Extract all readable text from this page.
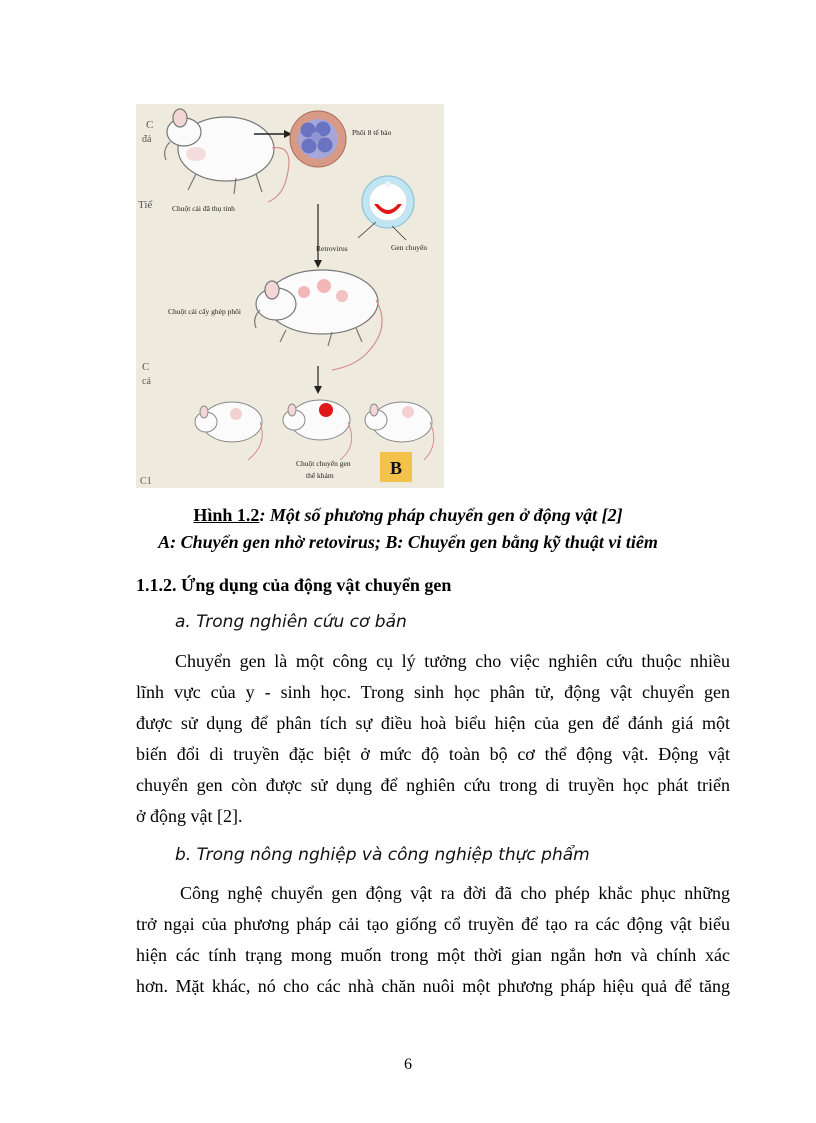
C
đả
Tiế
C
cá
C1
Chuột cái đã thụ tinh
Phôi 8 tế bào
Retrovirus	Gen chuyển
Chuột cái cấy ghép phôi
Chuột chuyển gen
thể khảm	B
Hình 1.2: Một số phương pháp chuyển gen ở động vật [2]
A: Chuyển gen nhờ retovirus; B: Chuyển gen bằng kỹ thuật vi tiêm
1.1.2. Ứng dụng của động vật chuyển gen
a. Trong nghiên cứu cơ bản
Chuyển gen là một công cụ lý tưởng cho việc nghiên cứu thuộc nhiều
lĩnh vực của y - sinh học. Trong sinh học phân tử, động vật chuyển gen
được sử dụng để phân tích sự điều hoà biểu hiện của gen để đánh giá một
biến đổi di truyền đặc biệt ở mức độ toàn bộ cơ thể động vật. Động vật
chuyển gen còn được sử dụng để nghiên cứu trong di truyền học phát triển
ở động vật [2].
b. Trong nông nghiệp và công nghiệp thực phẩm
Công nghệ chuyển gen động vật ra đời đã cho phép khắc phục những
trở ngại của phương pháp cải tạo giống cổ truyền để tạo ra các động vật biểu
hiện các tính trạng mong muốn trong một thời gian ngắn hơn và chính xác
hơn. Mặt khác, nó cho các nhà chăn nuôi một phương pháp hiệu quả để tăng
6
